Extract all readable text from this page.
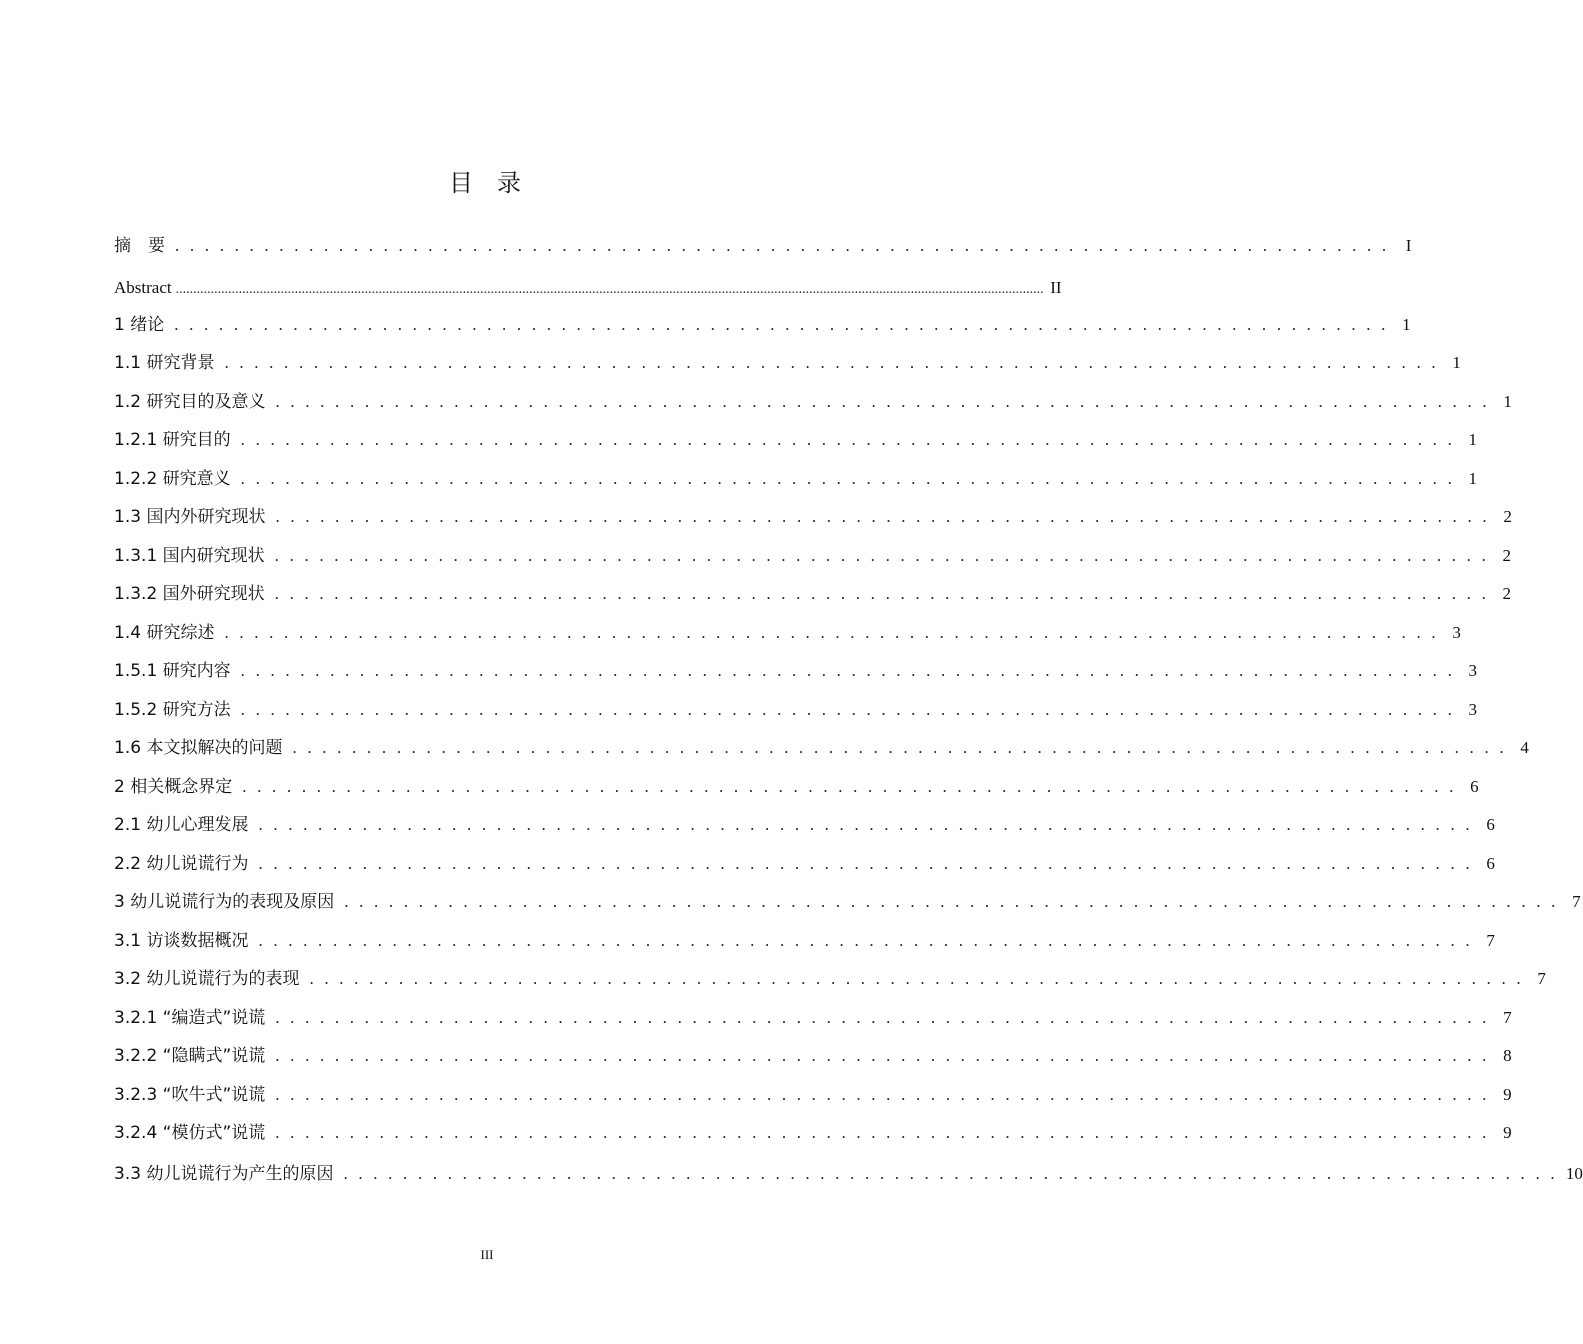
目　录
摘　要 . . . . . . . . . . . . . . . . . . . . . . . . . . . . . . . . . . . . . . . . . . . . . . . . . . . . . . . . . . . . . . . . . . . . . . . . . . . . . . . . . . I
Abstract ........................................................................................................................................................................................................................................................ II
1 绪论 . . . . . . . . . . . . . . . . . . . . . . . . . . . . . . . . . . . . . . . . . . . . . . . . . . . . . . . . . . . . . . . . . . . . . . . . . . . . . . . . . . 1
1.1 研究背景 . . . . . . . . . . . . . . . . . . . . . . . . . . . . . . . . . . . . . . . . . . . . . . . . . . . . . . . . . . . . . . . . . . . . . . . . . . . . . . . . . . 1
1.2 研究目的及意义 . . . . . . . . . . . . . . . . . . . . . . . . . . . . . . . . . . . . . . . . . . . . . . . . . . . . . . . . . . . . . . . . . . . . . . . . . . . . . . . . . . 1
1.2.1 研究目的 . . . . . . . . . . . . . . . . . . . . . . . . . . . . . . . . . . . . . . . . . . . . . . . . . . . . . . . . . . . . . . . . . . . . . . . . . . . . . . . . . . 1
1.2.2 研究意义 . . . . . . . . . . . . . . . . . . . . . . . . . . . . . . . . . . . . . . . . . . . . . . . . . . . . . . . . . . . . . . . . . . . . . . . . . . . . . . . . . . 1
1.3 国内外研究现状 . . . . . . . . . . . . . . . . . . . . . . . . . . . . . . . . . . . . . . . . . . . . . . . . . . . . . . . . . . . . . . . . . . . . . . . . . . . . . . . . . . 2
1.3.1 国内研究现状 . . . . . . . . . . . . . . . . . . . . . . . . . . . . . . . . . . . . . . . . . . . . . . . . . . . . . . . . . . . . . . . . . . . . . . . . . . . . . . . . . . 2
1.3.2 国外研究现状 . . . . . . . . . . . . . . . . . . . . . . . . . . . . . . . . . . . . . . . . . . . . . . . . . . . . . . . . . . . . . . . . . . . . . . . . . . . . . . . . . . 2
1.4 研究综述 . . . . . . . . . . . . . . . . . . . . . . . . . . . . . . . . . . . . . . . . . . . . . . . . . . . . . . . . . . . . . . . . . . . . . . . . . . . . . . . . . . 3
1.5.1 研究内容 . . . . . . . . . . . . . . . . . . . . . . . . . . . . . . . . . . . . . . . . . . . . . . . . . . . . . . . . . . . . . . . . . . . . . . . . . . . . . . . . . . 3
1.5.2 研究方法 . . . . . . . . . . . . . . . . . . . . . . . . . . . . . . . . . . . . . . . . . . . . . . . . . . . . . . . . . . . . . . . . . . . . . . . . . . . . . . . . . . 3
1.6 本文拟解决的问题 . . . . . . . . . . . . . . . . . . . . . . . . . . . . . . . . . . . . . . . . . . . . . . . . . . . . . . . . . . . . . . . . . . . . . . . . . . . . . . . . . . 4
2 相关概念界定 . . . . . . . . . . . . . . . . . . . . . . . . . . . . . . . . . . . . . . . . . . . . . . . . . . . . . . . . . . . . . . . . . . . . . . . . . . . . . . . . . . 6
2.1 幼儿心理发展 . . . . . . . . . . . . . . . . . . . . . . . . . . . . . . . . . . . . . . . . . . . . . . . . . . . . . . . . . . . . . . . . . . . . . . . . . . . . . . . . . . 6
2.2 幼儿说谎行为 . . . . . . . . . . . . . . . . . . . . . . . . . . . . . . . . . . . . . . . . . . . . . . . . . . . . . . . . . . . . . . . . . . . . . . . . . . . . . . . . . . 6
3 幼儿说谎行为的表现及原因 . . . . . . . . . . . . . . . . . . . . . . . . . . . . . . . . . . . . . . . . . . . . . . . . . . . . . . . . . . . . . . . . . . . . . . . . . . . . . . . . . . 7
3.1 访谈数据概况 . . . . . . . . . . . . . . . . . . . . . . . . . . . . . . . . . . . . . . . . . . . . . . . . . . . . . . . . . . . . . . . . . . . . . . . . . . . . . . . . . . 7
3.2 幼儿说谎行为的表现 . . . . . . . . . . . . . . . . . . . . . . . . . . . . . . . . . . . . . . . . . . . . . . . . . . . . . . . . . . . . . . . . . . . . . . . . . . . . . . . . . . 7
3.2.1 “编造式”说谎 . . . . . . . . . . . . . . . . . . . . . . . . . . . . . . . . . . . . . . . . . . . . . . . . . . . . . . . . . . . . . . . . . . . . . . . . . . . . . . . . . . 7
3.2.2 “隐瞒式”说谎 . . . . . . . . . . . . . . . . . . . . . . . . . . . . . . . . . . . . . . . . . . . . . . . . . . . . . . . . . . . . . . . . . . . . . . . . . . . . . . . . . . 8
3.2.3 “吹牛式”说谎 . . . . . . . . . . . . . . . . . . . . . . . . . . . . . . . . . . . . . . . . . . . . . . . . . . . . . . . . . . . . . . . . . . . . . . . . . . . . . . . . . . 9
3.2.4 “模仿式”说谎 . . . . . . . . . . . . . . . . . . . . . . . . . . . . . . . . . . . . . . . . . . . . . . . . . . . . . . . . . . . . . . . . . . . . . . . . . . . . . . . . . . 9
3.3 幼儿说谎行为产生的原因 . . . . . . . . . . . . . . . . . . . . . . . . . . . . . . . . . . . . . . . . . . . . . . . . . . . . . . . . . . . . . . . . . . . . . . . . . . . . . . . . . . 10
III
